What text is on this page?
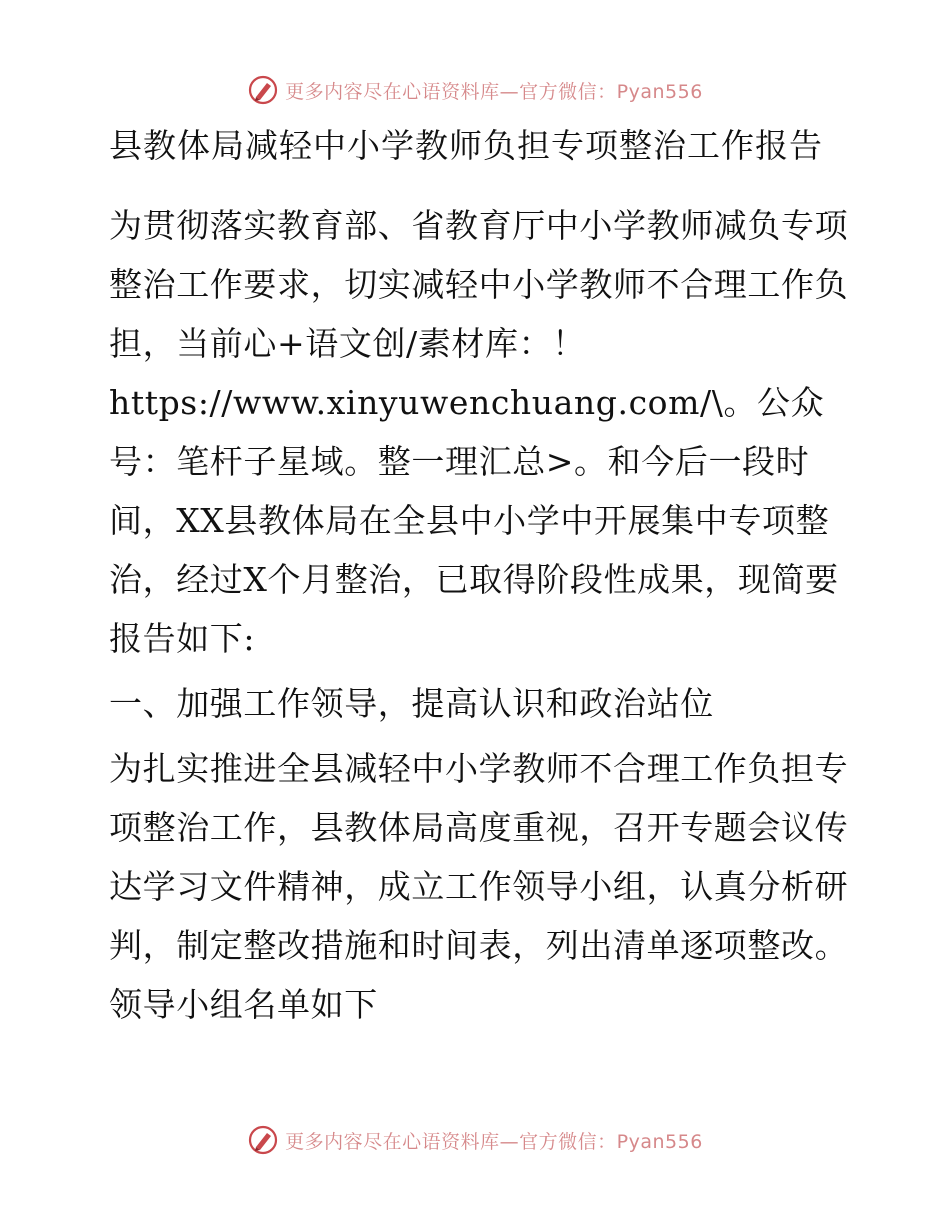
更多内容尽在心语资料库—官方微信：Pyan556

县教体局减轻中小学教师负担专项整治工作报告

为贯彻落实教育部、省教育厅中小学教师减负专项整治工作要求，切实减轻中小学教师不合理工作负担，当前心+语文创/素材库：！https://www.xinyuwenchuang.com/\。公众号：笔杆子星域。整一理汇总>。和今后一段时间，XX县教体局在全县中小学中开展集中专项整治，经过X个月整治，已取得阶段性成果，现简要报告如下:

一、加强工作领导，提高认识和政治站位

为扎实推进全县减轻中小学教师不合理工作负担专项整治工作，县教体局高度重视，召开专题会议传达学习文件精神，成立工作领导小组，认真分析研判，制定整改措施和时间表，列出清单逐项整改。

领导小组名单如下

更多内容尽在心语资料库—官方微信：Pyan556
